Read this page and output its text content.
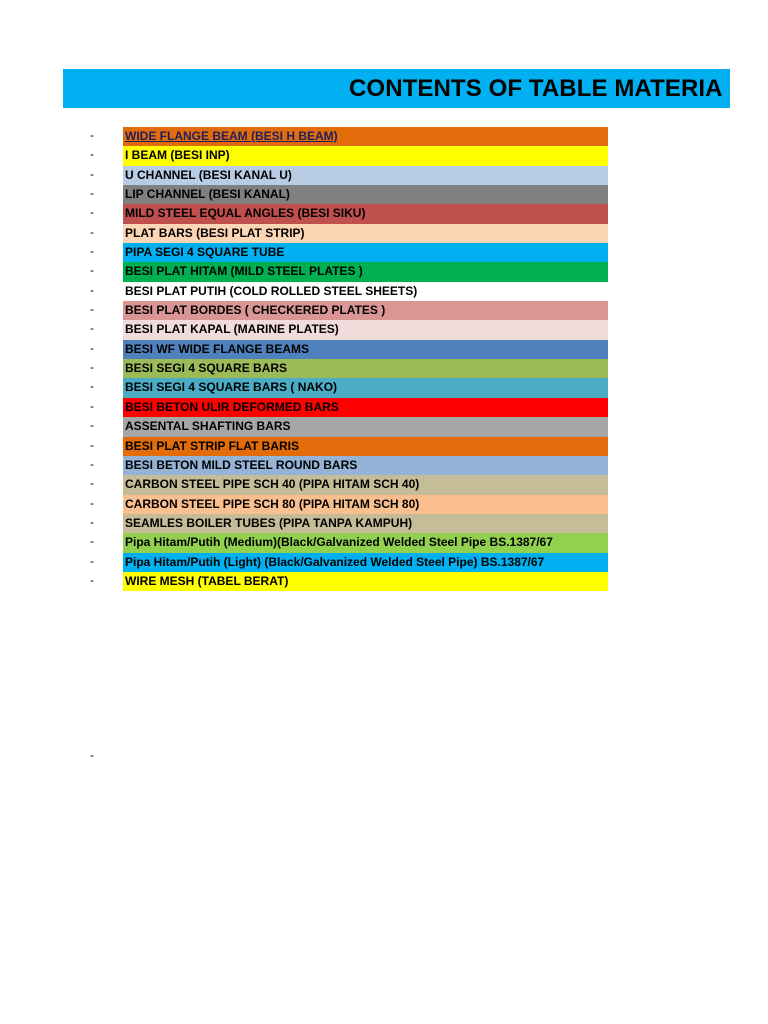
CONTENTS OF TABLE MATERIA
-	WIDE FLANGE BEAM (BESI H BEAM)
-	I BEAM (BESI INP)
-	U CHANNEL (BESI KANAL U)
-	LIP CHANNEL (BESI KANAL)
-	MILD STEEL EQUAL ANGLES (BESI SIKU)
-	PLAT BARS (BESI PLAT STRIP)
-	PIPA SEGI 4 SQUARE TUBE
-	BESI PLAT HITAM (MILD STEEL PLATES )
-	BESI PLAT PUTIH (COLD ROLLED STEEL SHEETS)
-	BESI PLAT BORDES ( CHECKERED PLATES )
-	BESI PLAT KAPAL (MARINE PLATES)
-	BESI WF WIDE FLANGE BEAMS
-	BESI SEGI 4 SQUARE BARS
-	BESI SEGI 4 SQUARE BARS ( NAKO)
-	BESI BETON ULIR DEFORMED BARS
-	ASSENTAL SHAFTING BARS
-	BESI PLAT STRIP FLAT BARIS
-	BESI BETON MILD STEEL ROUND BARS
-	CARBON STEEL PIPE SCH 40 (PIPA HITAM SCH 40)
-	CARBON STEEL PIPE SCH 80 (PIPA HITAM SCH 80)
-	SEAMLES BOILER TUBES (PIPA TANPA KAMPUH)
-	Pipa Hitam/Putih (Medium)(Black/Galvanized Welded Steel Pipe BS.1387/67
-	Pipa Hitam/Putih (Light) (Black/Galvanized Welded Steel Pipe) BS.1387/67
-	WIRE MESH (TABEL BERAT)
-
